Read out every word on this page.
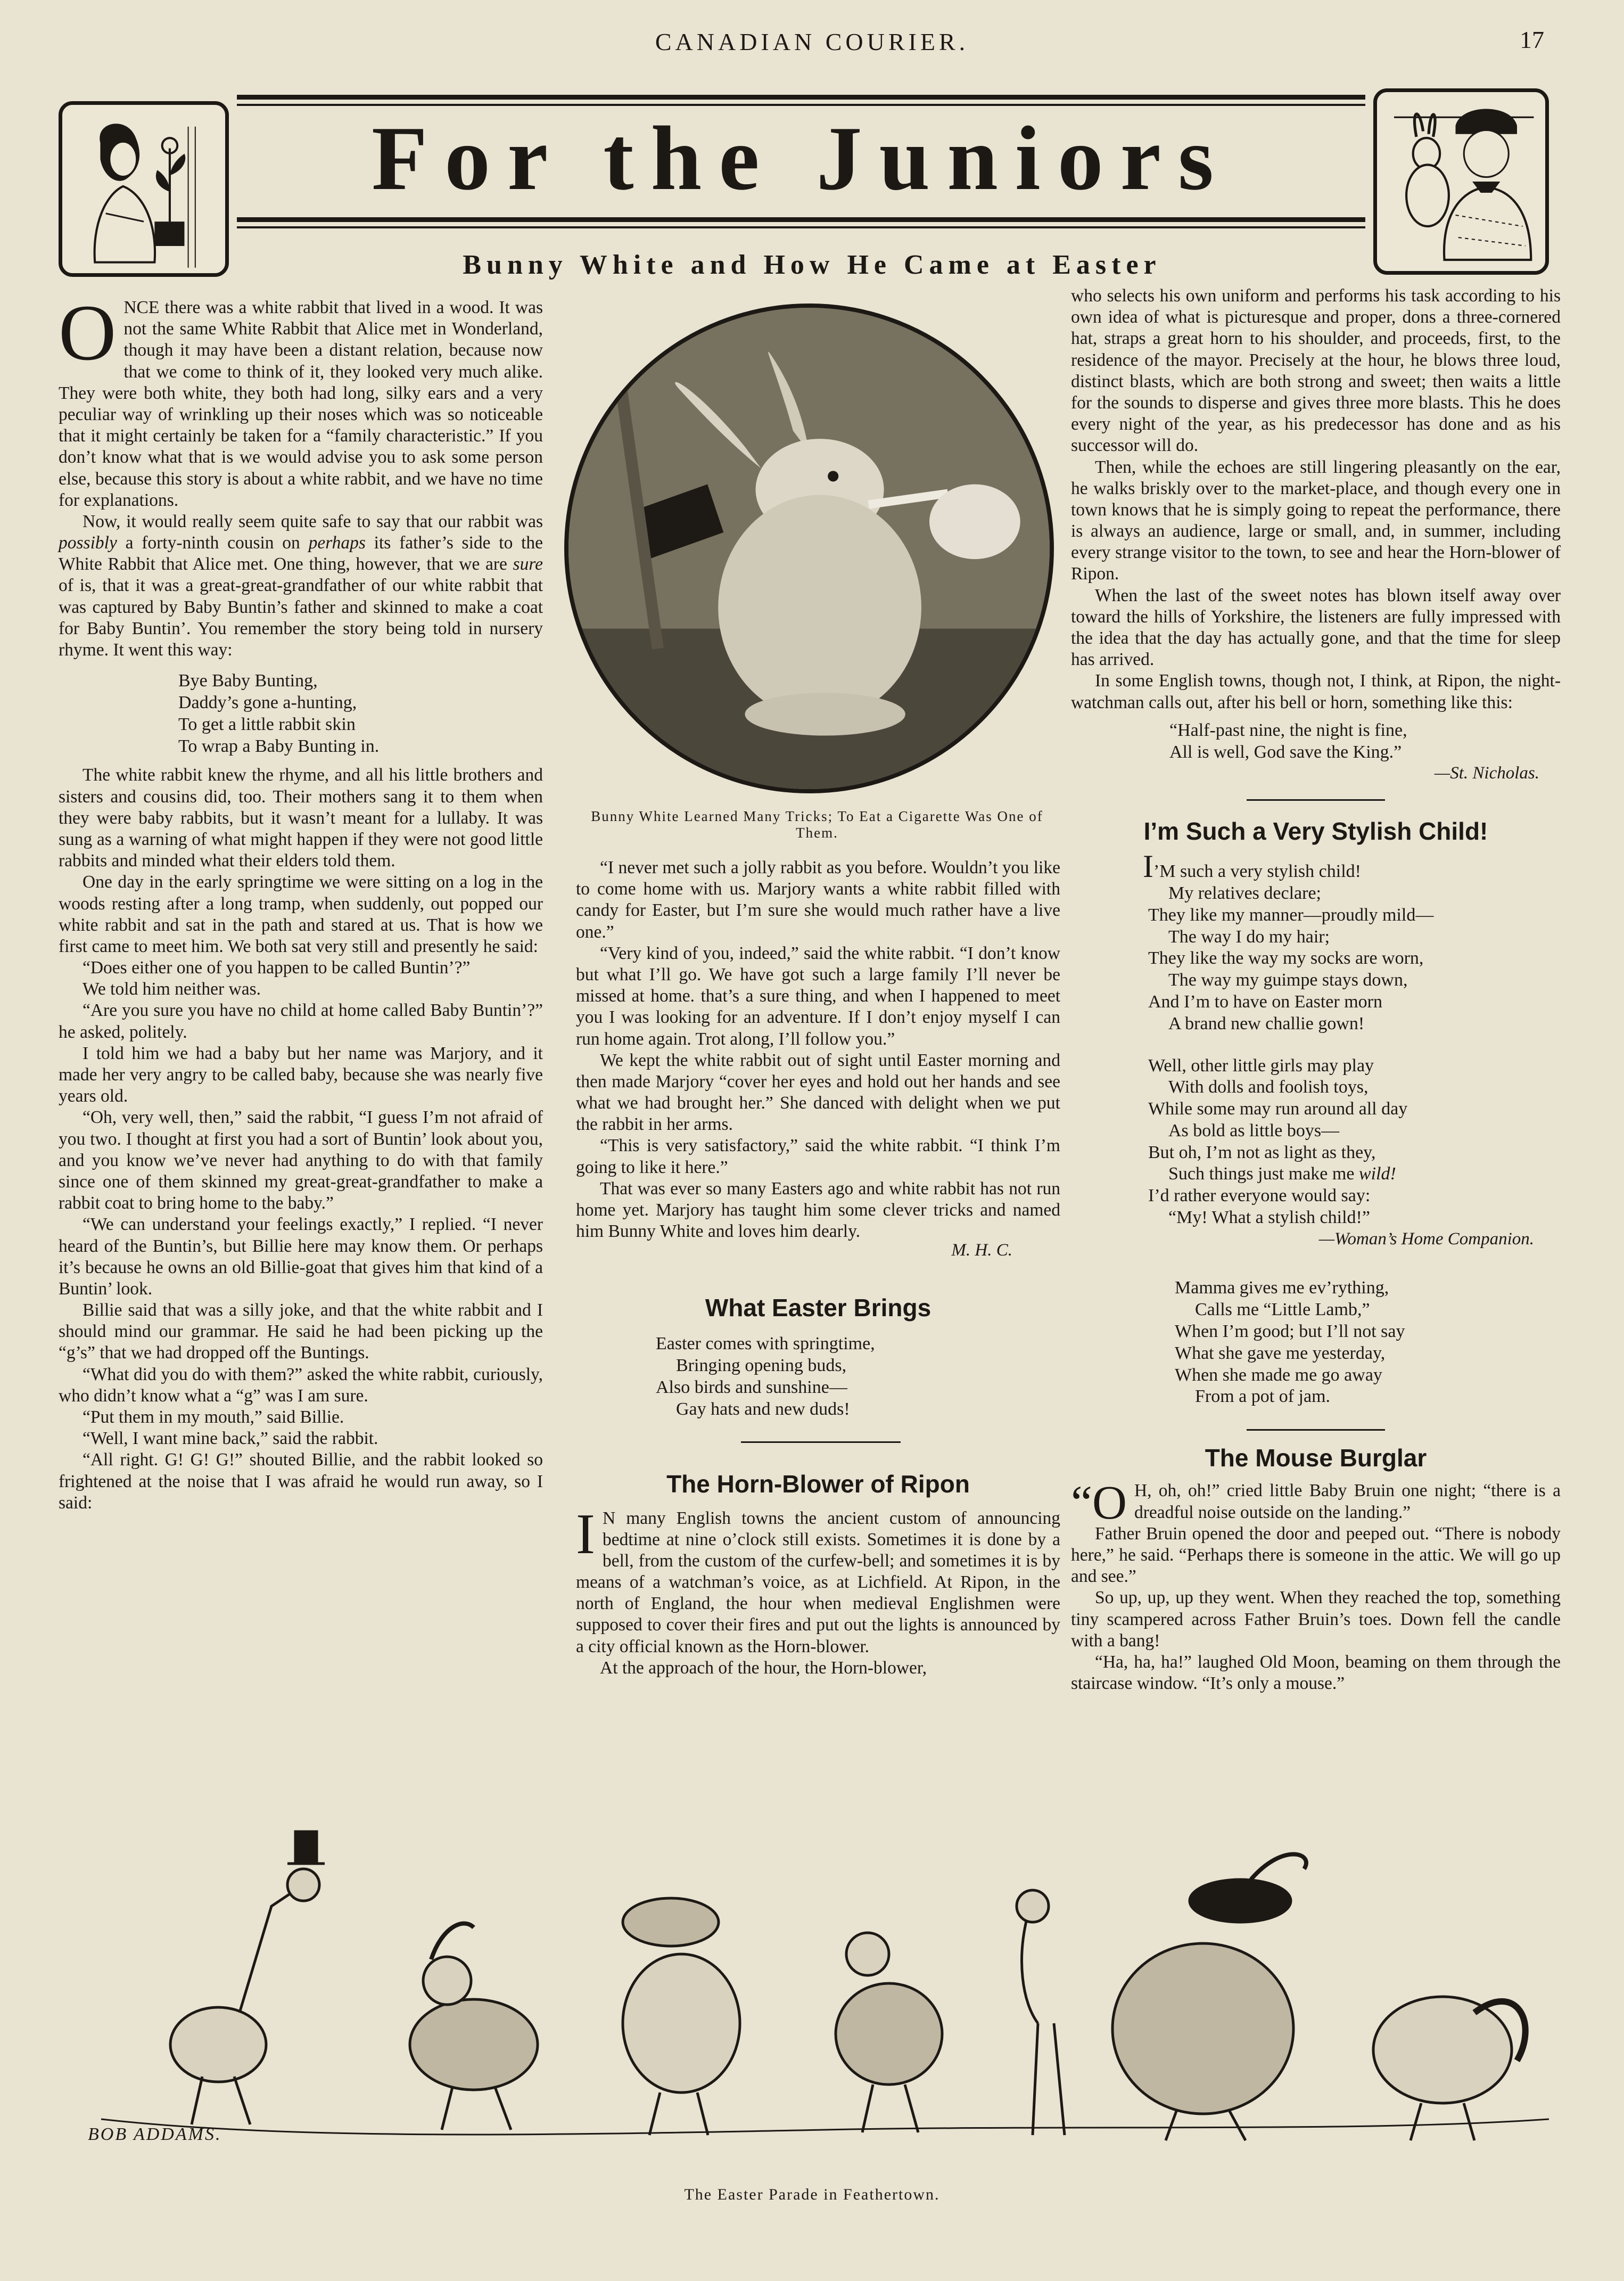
CANADIAN COURIER.	17
For the Juniors
Bunny White and How He Came at Easter

ONCE there was a white rabbit that lived in a wood. It was not the same White Rabbit that Alice met in Wonderland, though it may have been a distant relation, because now that we come to think of it, they looked very much alike. They were both white, they both had long, silky ears and a very peculiar way of wrinkling up their noses which was so noticeable that it might certainly be taken for a “family characteristic.” If you don’t know what that is we would advise you to ask some person else, because this story is about a white rabbit, and we have no time for explanations.

Now, it would really seem quite safe to say that our rabbit was possibly a forty-ninth cousin on perhaps its father’s side to the White Rabbit that Alice met. One thing, however, that we are sure of is, that it was a great-great-grandfather of our white rabbit that was captured by Baby Buntin’s father and skinned to make a coat for Baby Buntin’. You remember the story being told in nursery rhyme. It went this way:

Bye Baby Bunting,
Daddy’s gone a-hunting,
To get a little rabbit skin
To wrap a Baby Bunting in.

The white rabbit knew the rhyme, and all his little brothers and sisters and cousins did, too. Their mothers sang it to them when they were baby rabbits, but it wasn’t meant for a lullaby. It was sung as a warning of what might happen if they were not good little rabbits and minded what their elders told them.

One day in the early springtime we were sitting on a log in the woods resting after a long tramp, when suddenly, out popped our white rabbit and sat in the path and stared at us. That is how we first came to meet him. We both sat very still and presently he said:

“Does either one of you happen to be called Buntin’?”

We told him neither was.

“Are you sure you have no child at home called Baby Buntin’?” he asked, politely.

I told him we had a baby but her name was Marjory, and it made her very angry to be called baby, because she was nearly five years old.

“Oh, very well, then,” said the rabbit, “I guess I’m not afraid of you two. I thought at first you had a sort of Buntin’ look about you, and you know we’ve never had anything to do with that family since one of them skinned my great-great-grandfather to make a rabbit coat to bring home to the baby.”

“We can understand your feelings exactly,” I replied. “I never heard of the Buntin’s, but Billie here may know them. Or perhaps it’s because he owns an old Billie-goat that gives him that kind of a Buntin’ look.

Billie said that was a silly joke, and that the white rabbit and I should mind our grammar. He said he had been picking up the “g’s” that we had dropped off the Buntings.

“What did you do with them?” asked the white rabbit, curiously, who didn’t know what a “g” was I am sure.

“Put them in my mouth,” said Billie.

“Well, I want mine back,” said the rabbit.

“All right. G! G! G!” shouted Billie, and the rabbit looked so frightened at the noise that I was afraid he would run away, so I said:

Bunny White Learned Many Tricks; To Eat a Cigarette Was One of Them.

“I never met such a jolly rabbit as you before. Wouldn’t you like to come home with us. Marjory wants a white rabbit filled with candy for Easter, but I’m sure she would much rather have a live one.”

“Very kind of you, indeed,” said the white rabbit. “I don’t know but what I’ll go. We have got such a large family I’ll never be missed at home. that’s a sure thing, and when I happened to meet you I was looking for an adventure. If I don’t enjoy myself I can run home again. Trot along, I’ll follow you.”

We kept the white rabbit out of sight until Easter morning and then made Marjory “cover her eyes and hold out her hands and see what we had brought her.” She danced with delight when we put the rabbit in her arms.

“This is very satisfactory,” said the white rabbit. “I think I’m going to like it here.”

That was ever so many Easters ago and white rabbit has not run home yet. Marjory has taught him some clever tricks and named him Bunny White and loves him dearly.

M. H. C.
What Easter Brings
Easter comes with springtime,
Bringing opening buds,
Also birds and sunshine—
Gay hats and new duds!
The Horn-Blower of Ripon

I N many English towns the ancient custom of announcing bedtime at nine o’clock still exists. Sometimes it is done by a bell, from the custom of the curfew-bell; and sometimes it is by means of a watchman’s voice, as at Lichfield. At Ripon, in the north of England, the hour when medieval Englishmen were supposed to cover their fires and put out the lights is announced by a city official known as the Horn-blower.

At the approach of the hour, the Horn-blower,

who selects his own uniform and performs his task according to his own idea of what is picturesque and proper, dons a three-cornered hat, straps a great horn to his shoulder, and proceeds, first, to the residence of the mayor. Precisely at the hour, he blows three loud, distinct blasts, which are both strong and sweet; then waits a little for the sounds to disperse and gives three more blasts. This he does every night of the year, as his predecessor has done and as his successor will do.

Then, while the echoes are still lingering pleasantly on the ear, he walks briskly over to the market-place, and though every one in town knows that he is simply going to repeat the performance, there is always an audience, large or small, and, in summer, including every strange visitor to the town, to see and hear the Horn-blower of Ripon.

When the last of the sweet notes has blown itself away over toward the hills of Yorkshire, the listeners are fully impressed with the idea that the day has actually gone, and that the time for sleep has arrived.

In some English towns, though not, I think, at Ripon, the night-watchman calls out, after his bell or horn, something like this:

“Half-past nine, the night is fine,
All is well, God save the King.”
—St. Nicholas.
I’m Such a Very Stylish Child!
I’M such a very stylish child!
My relatives declare;
They like my manner—proudly mild—
The way I do my hair;
They like the way my socks are worn,
The way my guimpe stays down,
And I’m to have on Easter morn
A brand new challie gown!
Well, other little girls may play
With dolls and foolish toys,
While some may run around all day
As bold as little boys—
But oh, I’m not as light as they,
Such things just make me wild!
I’d rather everyone would say:
“My! What a stylish child!”
—Woman’s Home Companion.
Mamma gives me ev’rything,
Calls me “Little Lamb,”
When I’m good; but I’ll not say
What she gave me yesterday,
When she made me go away
From a pot of jam.
The Mouse Burglar

“O H, oh, oh!” cried little Baby Bruin one night; “there is a dreadful noise outside on the landing.”

Father Bruin opened the door and peeped out. “There is nobody here,” he said. “Perhaps there is someone in the attic. We will go up and see.”

So up, up, up they went. When they reached the top, something tiny scampered across Father Bruin’s toes. Down fell the candle with a bang!

“Ha, ha, ha!” laughed Old Moon, beaming on them through the staircase window. “It’s only a mouse.”

BOB ADDAMS.
The Easter Parade in Feathertown.
